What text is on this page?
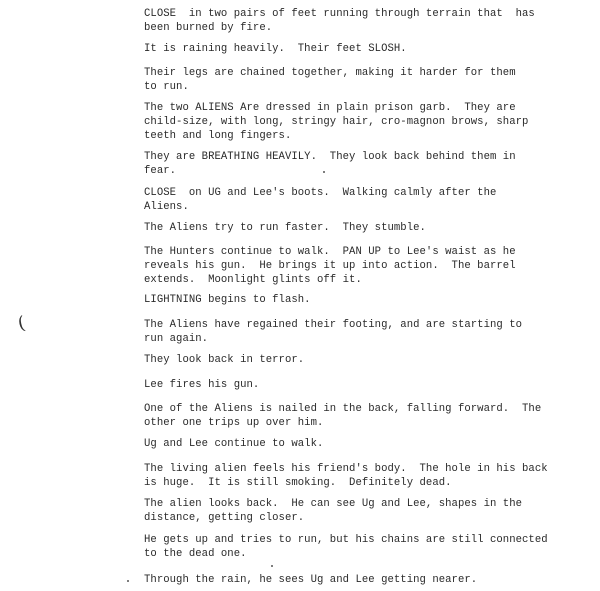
CLOSE  in two pairs of feet running through terrain that  has
been burned by fire.

It is raining heavily.  Their feet SLOSH.

Their legs are chained together, making it harder for them
to run.

The two ALIENS Are dressed in plain prison garb.  They are
child-size, with long, stringy hair, cro-magnon brows, sharp
teeth and long fingers.

They are BREATHING HEAVILY.  They look back behind them in
fear.

CLOSE  on UG and Lee's boots.  Walking calmly after the
Aliens.

The Aliens try to run faster.  They stumble.

The Hunters continue to walk.  PAN UP to Lee's waist as he
reveals his gun.  He brings it up into action.  The barrel
extends.  Moonlight glints off it.

LIGHTNING begins to flash.

The Aliens have regained their footing, and are starting to
run again.

They look back in terror.

Lee fires his gun.

One of the Aliens is nailed in the back, falling forward.  The
other one trips up over him.

Ug and Lee continue to walk.

The living alien feels his friend's body.  The hole in his back
is huge.  It is still smoking.  Definitely dead.

The alien looks back.  He can see Ug and Lee, shapes in the
distance, getting closer.

He gets up and tries to run, but his chains are still connected
to the dead one.

Through the rain, he sees Ug and Lee getting nearer.

(
